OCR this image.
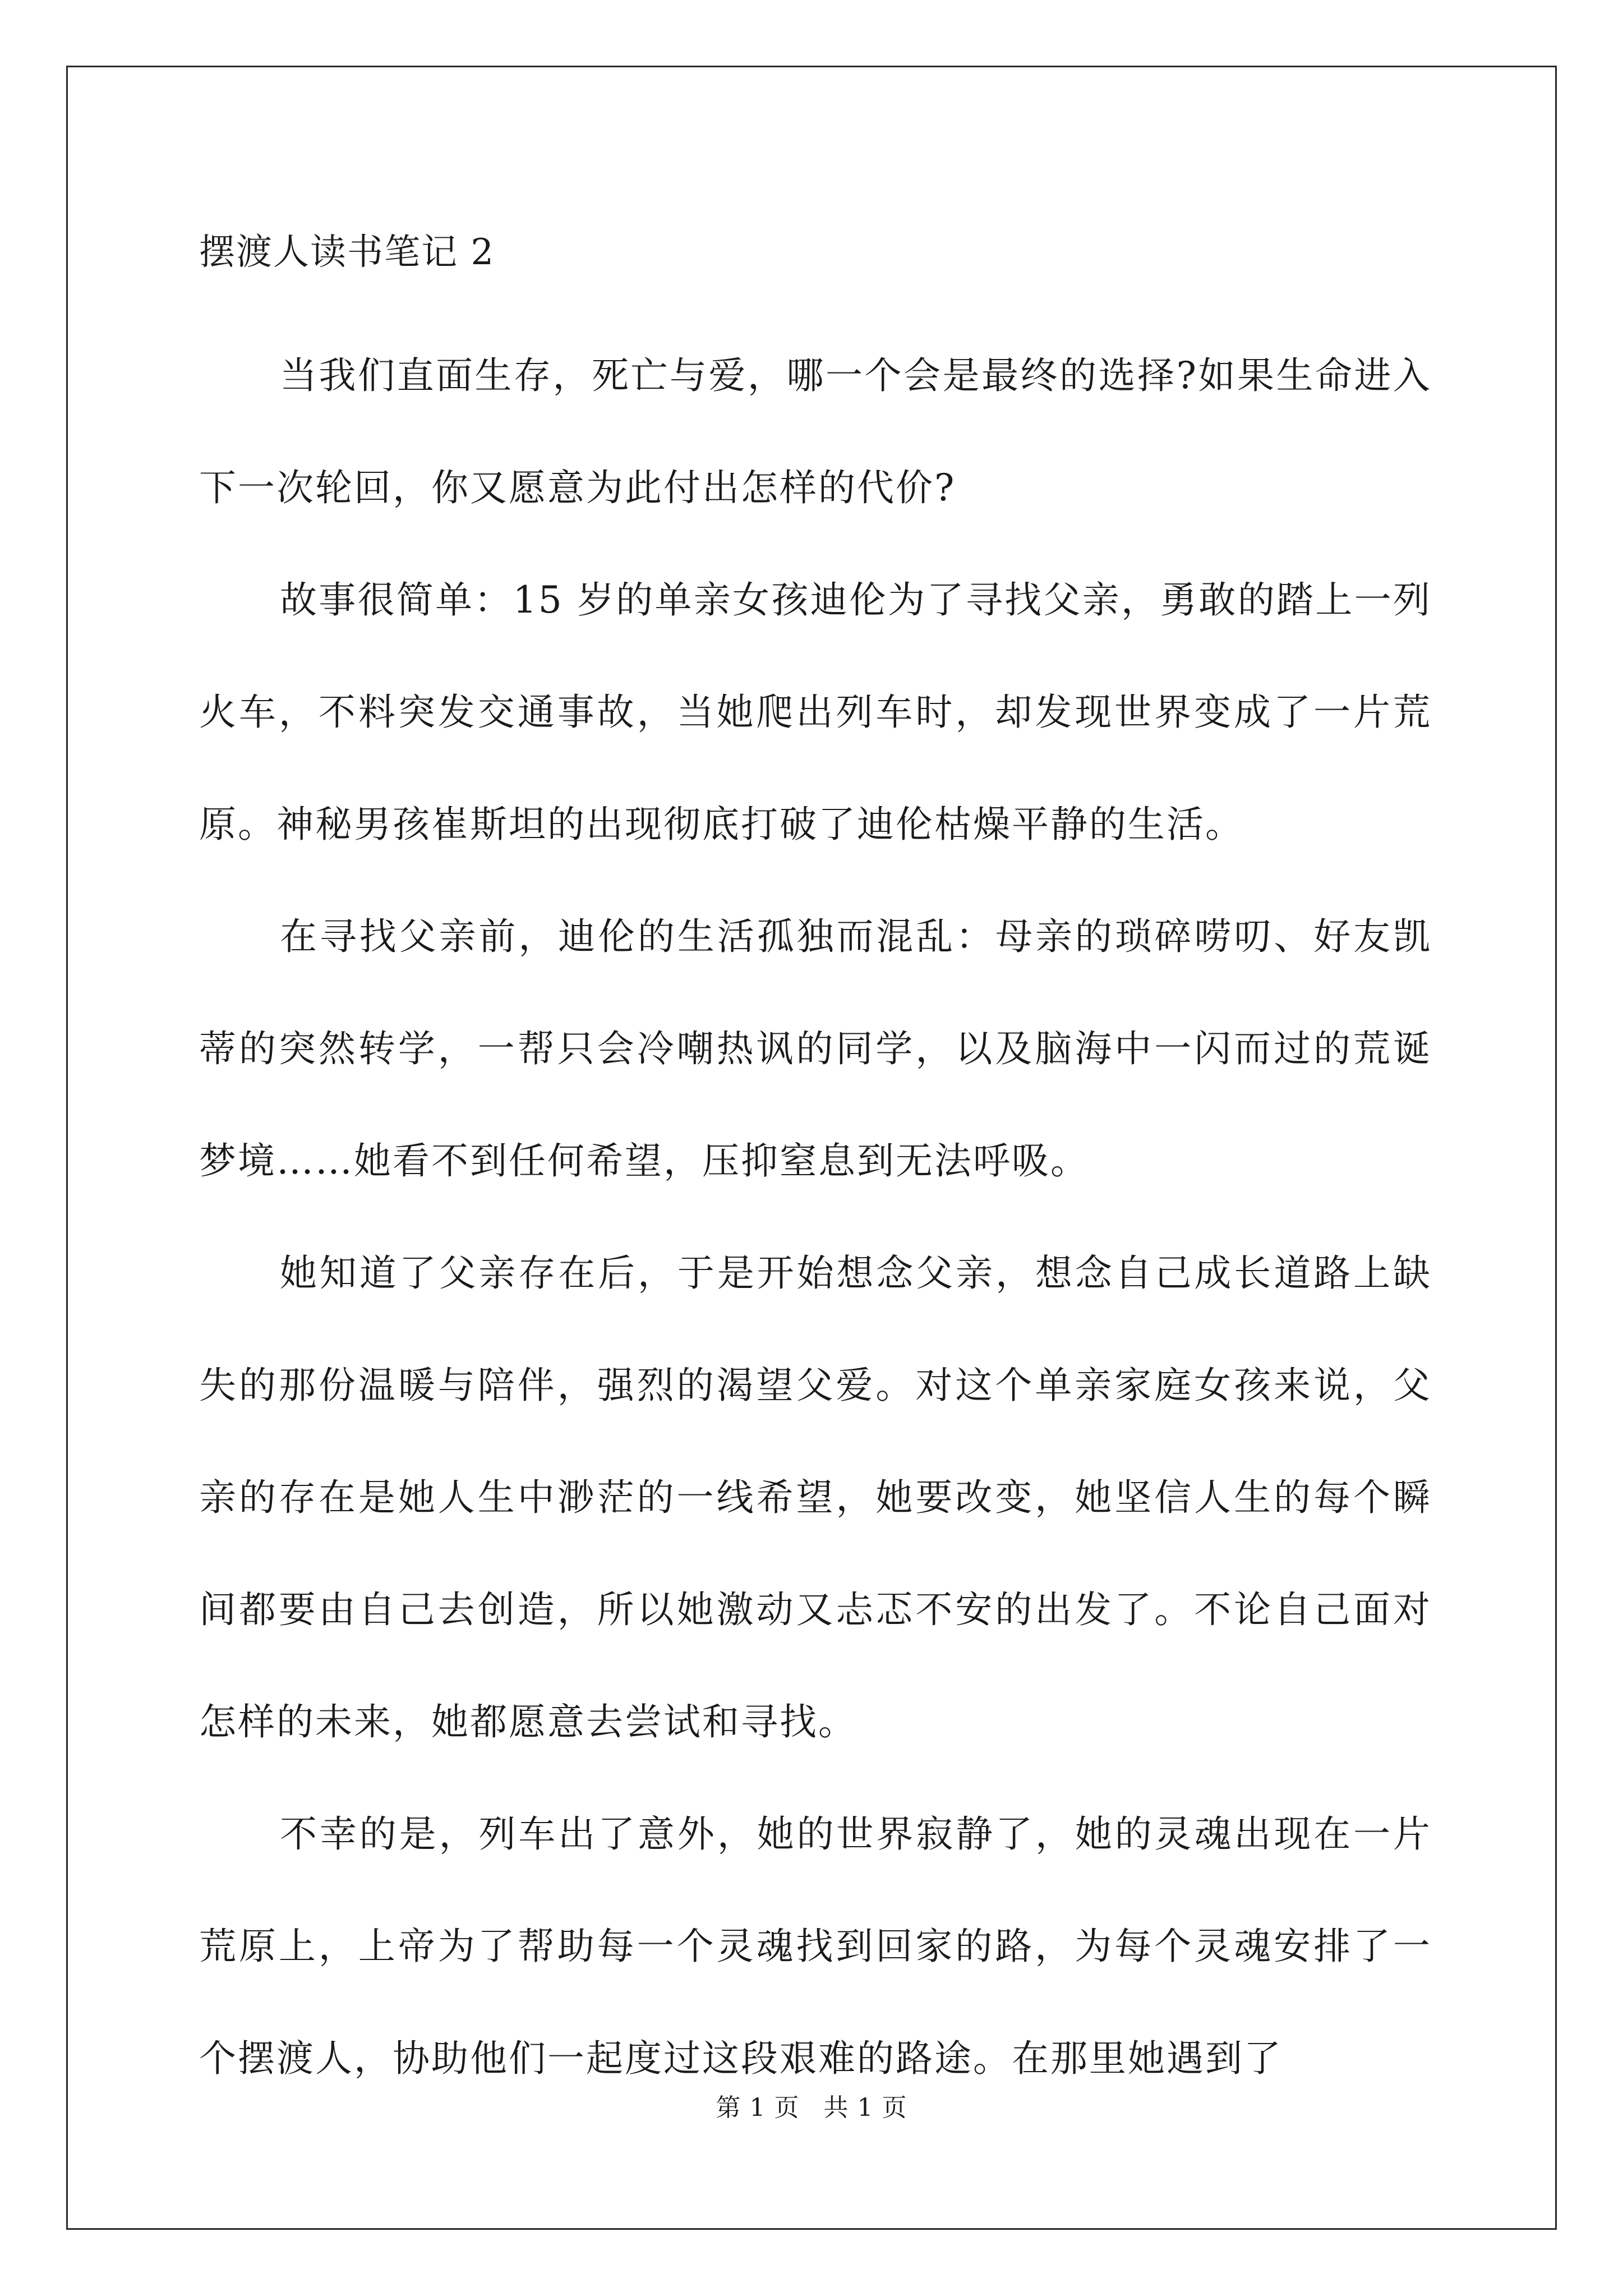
摆渡人读书笔记 2

当我们直面生存，死亡与爱，哪一个会是最终的选择?如果生命进入下一次轮回，你又愿意为此付出怎样的代价?

故事很简单：15 岁的单亲女孩迪伦为了寻找父亲，勇敢的踏上一列火车，不料突发交通事故，当她爬出列车时，却发现世界变成了一片荒原。神秘男孩崔斯坦的出现彻底打破了迪伦枯燥平静的生活。

在寻找父亲前，迪伦的生活孤独而混乱：母亲的琐碎唠叨、好友凯蒂的突然转学，一帮只会冷嘲热讽的同学，以及脑海中一闪而过的荒诞梦境……她看不到任何希望，压抑窒息到无法呼吸。

她知道了父亲存在后，于是开始想念父亲，想念自己成长道路上缺失的那份温暖与陪伴，强烈的渴望父爱。对这个单亲家庭女孩来说，父亲的存在是她人生中渺茫的一线希望，她要改变，她坚信人生的每个瞬间都要由自己去创造，所以她激动又忐忑不安的出发了。不论自己面对怎样的未来，她都愿意去尝试和寻找。

不幸的是，列车出了意外，她的世界寂静了，她的灵魂出现在一片荒原上，上帝为了帮助每一个灵魂找到回家的路，为每个灵魂安排了一个摆渡人，协助他们一起度过这段艰难的路途。在那里她遇到了

第 1 页 共 1 页
